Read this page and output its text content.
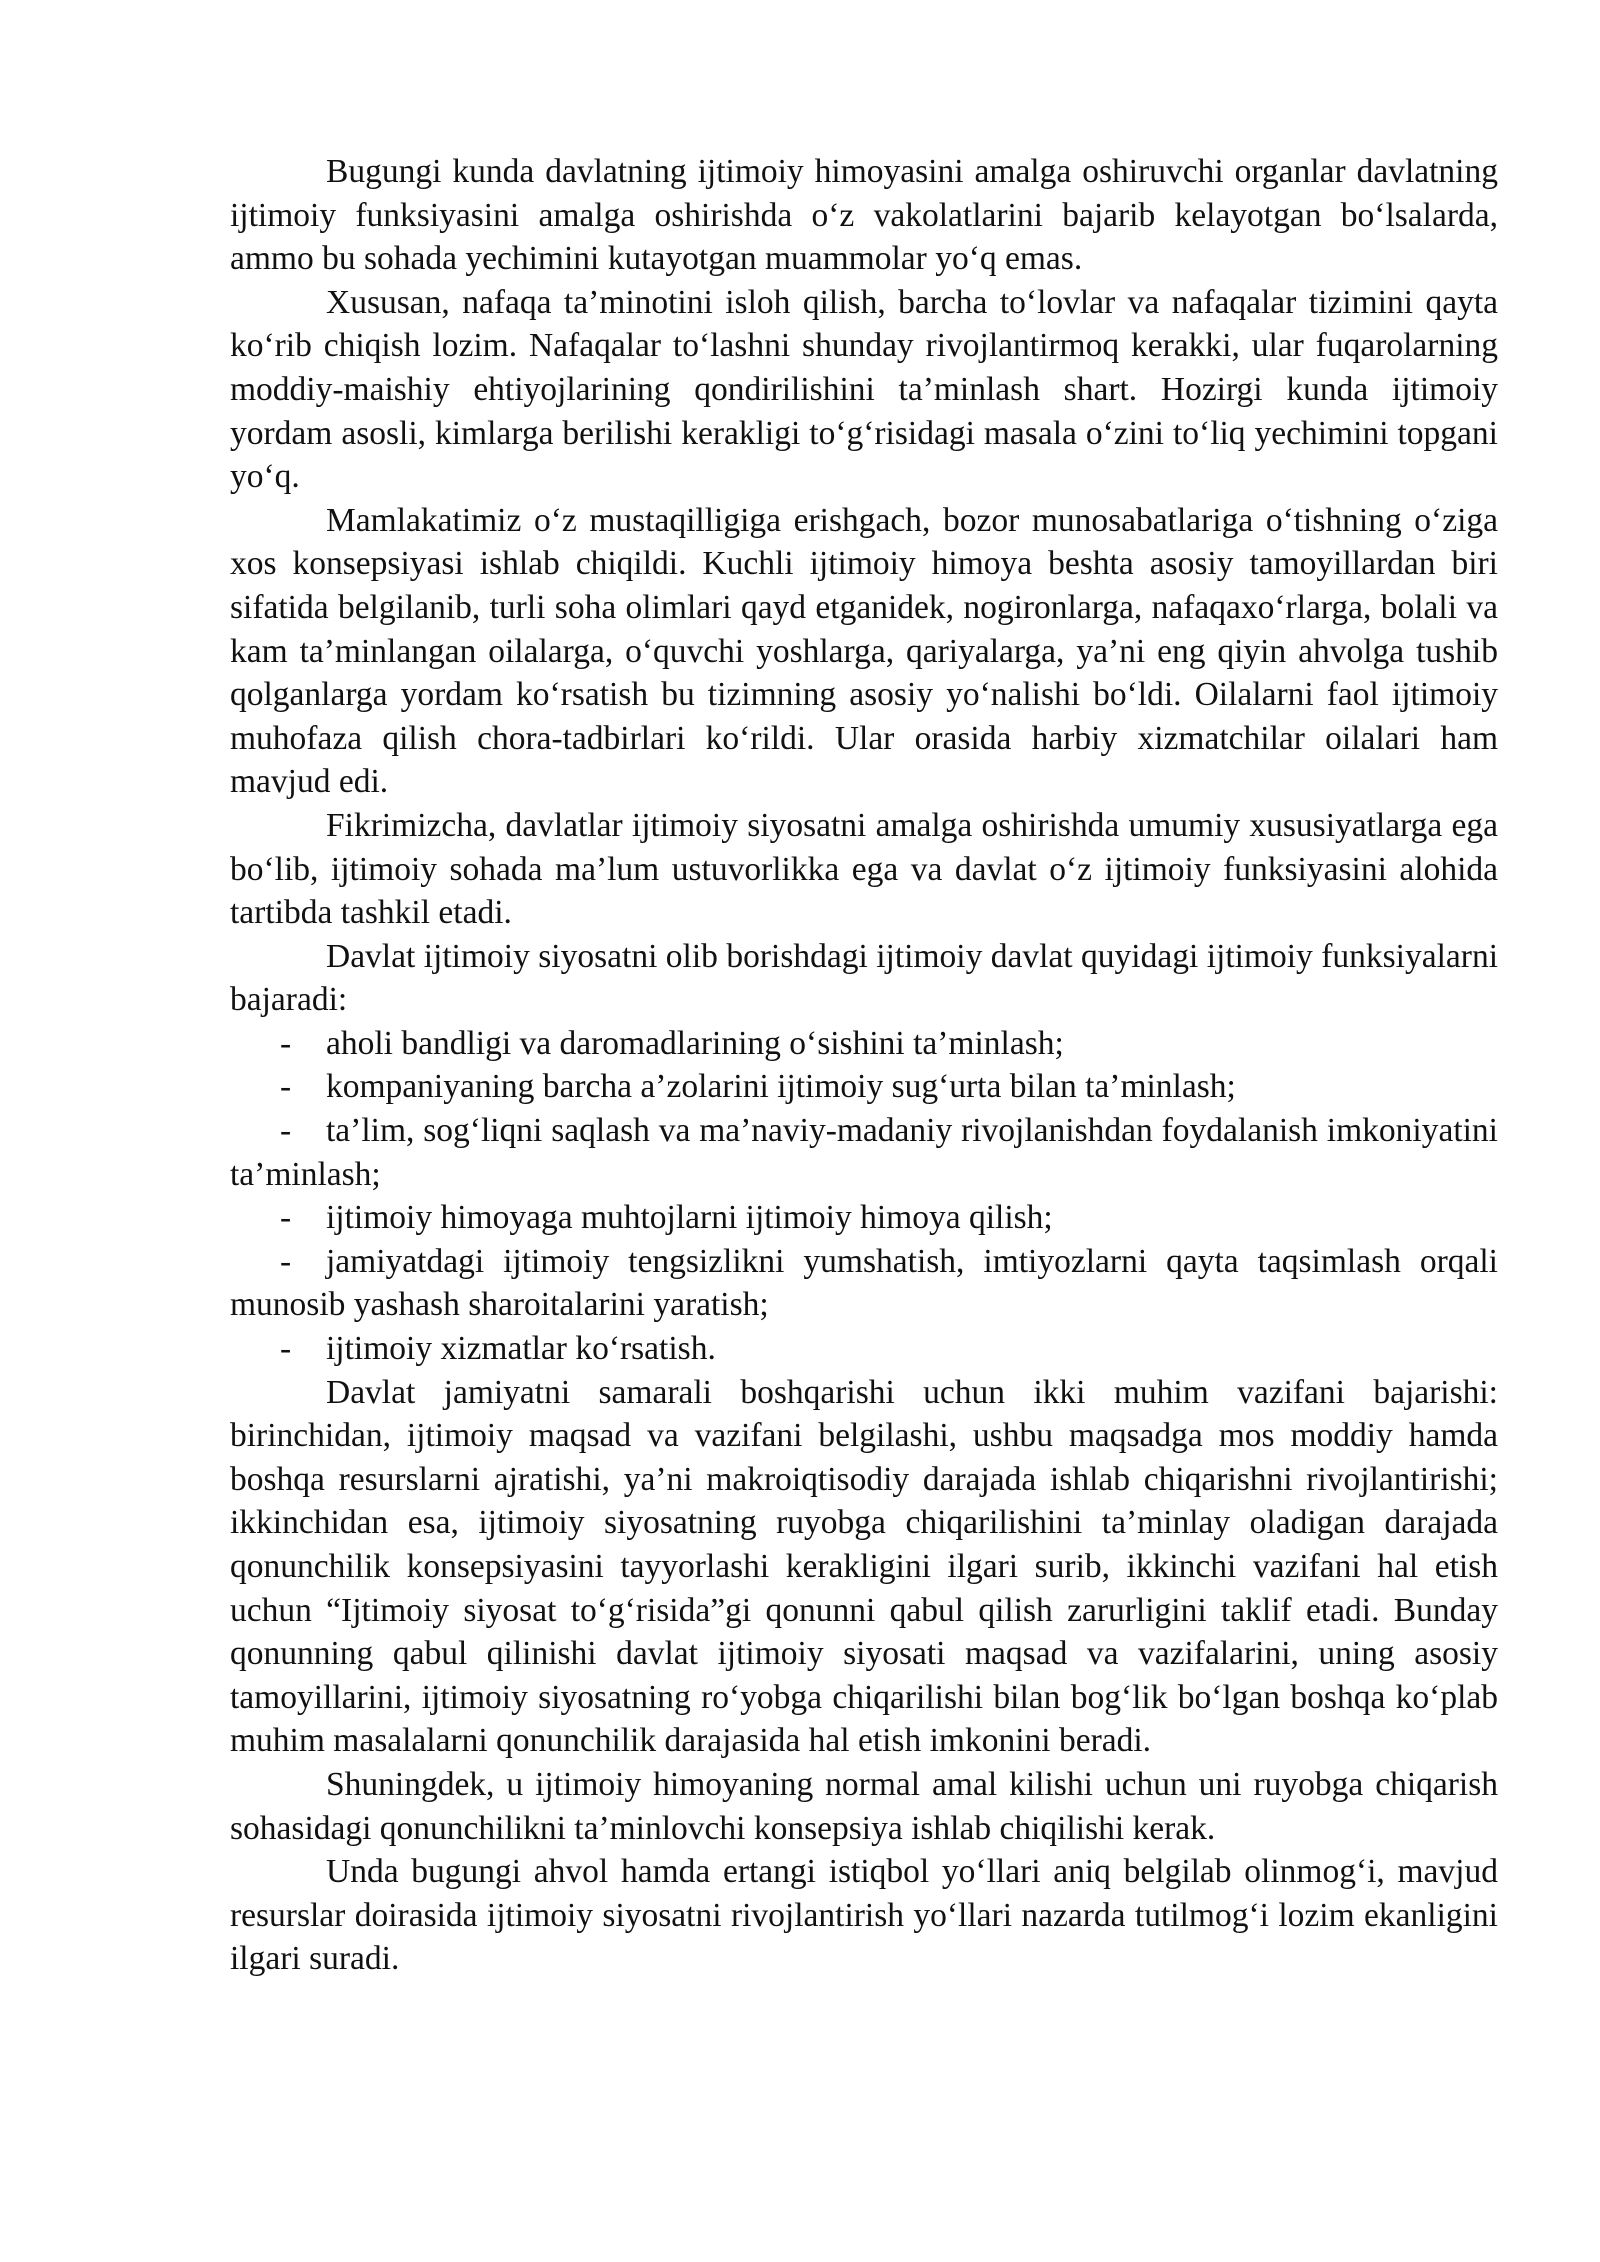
Bugungi kunda davlatning ijtimoiy himoyasini amalga oshiruvchi organlar davlatning ijtimoiy funksiyasini amalga oshirishda o‘z vakolatlarini bajarib kelayotgan bo‘lsalarda, ammo bu sohada yechimini kutayotgan muammolar yo‘q emas.

Xususan, nafaqa ta’minotini isloh qilish, barcha to‘lovlar va nafaqalar tizimini qayta ko‘rib chiqish lozim. Nafaqalar to‘lashni shunday rivojlantirmoq kerakki, ular fuqarolarning moddiy-maishiy ehtiyojlarining qondirilishini ta’minlash shart. Hozirgi kunda ijtimoiy yordam asosli, kimlarga berilishi kerakligi to‘g‘risidagi masala o‘zini to‘liq yechimini topgani yo‘q.

Mamlakatimiz o‘z mustaqilligiga erishgach, bozor munosabatlariga o‘tishning o‘ziga xos konsepsiyasi ishlab chiqildi. Kuchli ijtimoiy himoya beshta asosiy tamoyillardan biri sifatida belgilanib, turli soha olimlari qayd etganidek, nogironlarga, nafaqaxo‘rlarga, bolali va kam ta’minlangan oilalarga, o‘quvchi yoshlarga, qariyalarga, ya’ni eng qiyin ahvolga tushib qolganlarga yordam ko‘rsatish bu tizimning asosiy yo‘nalishi bo‘ldi. Oilalarni faol ijtimoiy muhofaza qilish chora-tadbirlari ko‘rildi. Ular orasida harbiy xizmatchilar oilalari ham mavjud edi.

Fikrimizcha, davlatlar ijtimoiy siyosatni amalga oshirishda umumiy xususiyatlarga ega bo‘lib, ijtimoiy sohada ma’lum ustuvorlikka ega va davlat o‘z ijtimoiy funksiyasini alohida tartibda tashkil etadi.

Davlat ijtimoiy siyosatni olib borishdagi ijtimoiy davlat quyidagi ijtimoiy funksiyalarni bajaradi:

- aholi bandligi va daromadlarining o‘sishini ta’minlash;

- kompaniyaning barcha a’zolarini ijtimoiy sug‘urta bilan ta’minlash;

- ta’lim, sog‘liqni saqlash va ma’naviy-madaniy rivojlanishdan foydalanish imkoniyatini ta’minlash;

- ijtimoiy himoyaga muhtojlarni ijtimoiy himoya qilish;

- jamiyatdagi ijtimoiy tengsizlikni yumshatish, imtiyozlarni qayta taqsimlash orqali munosib yashash sharoitalarini yaratish;

- ijtimoiy xizmatlar ko‘rsatish.

Davlat jamiyatni samarali boshqarishi uchun ikki muhim vazifani bajarishi: birinchidan, ijtimoiy maqsad va vazifani belgilashi, ushbu maqsadga mos moddiy hamda boshqa resurslarni ajratishi, ya’ni makroiqtisodiy darajada ishlab chiqarishni rivojlantirishi; ikkinchidan esa, ijtimoiy siyosatning ruyobga chiqarilishini ta’minlay oladigan darajada qonunchilik konsepsiyasini tayyorlashi kerakligini ilgari surib, ikkinchi vazifani hal etish uchun “Ijtimoiy siyosat to‘g‘risida”gi qonunni qabul qilish zarurligini taklif etadi. Bunday qonunning qabul qilinishi davlat ijtimoiy siyosati maqsad va vazifalarini, uning asosiy tamoyillarini, ijtimoiy siyosatning ro‘yobga chiqarilishi bilan bog‘lik bo‘lgan boshqa ko‘plab muhim masalalarni qonunchilik darajasida hal etish imkonini beradi.

Shuningdek, u ijtimoiy himoyaning normal amal kilishi uchun uni ruyobga chiqarish sohasidagi qonunchilikni ta’minlovchi konsepsiya ishlab chiqilishi kerak.

Unda bugungi ahvol hamda ertangi istiqbol yo‘llari aniq belgilab olinmog‘i, mavjud resurslar doirasida ijtimoiy siyosatni rivojlantirish yo‘llari nazarda tutilmog‘i lozim ekanligini ilgari suradi.
